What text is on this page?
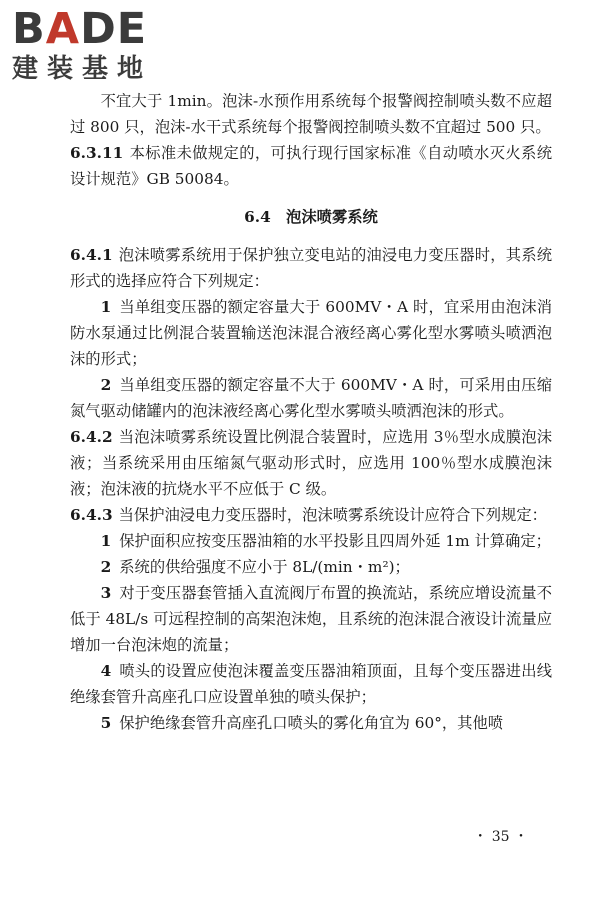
BADE
建装基地

不宜大于 1min。泡沫-水预作用系统每个报警阀控制喷头数不应超过 800 只，泡沫-水干式系统每个报警阀控制喷头数不宜超过 500 只。

6.3.11 本标准未做规定的，可执行现行国家标准《自动喷水灭火系统设计规范》GB 50084。

6.4　泡沫喷雾系统

6.4.1 泡沫喷雾系统用于保护独立变电站的油浸电力变压器时，其系统形式的选择应符合下列规定：

1 当单组变压器的额定容量大于 600MV・A 时，宜采用由泡沫消防水泵通过比例混合装置输送泡沫混合液经离心雾化型水雾喷头喷洒泡沫的形式；

2 当单组变压器的额定容量不大于 600MV・A 时，可采用由压缩氮气驱动储罐内的泡沫液经离心雾化型水雾喷头喷洒泡沫的形式。

6.4.2 当泡沫喷雾系统设置比例混合装置时，应选用 3％型水成膜泡沫液；当系统采用由压缩氮气驱动形式时，应选用 100％型水成膜泡沫液；泡沫液的抗烧水平不应低于 C 级。

6.4.3 当保护油浸电力变压器时，泡沫喷雾系统设计应符合下列规定：

1 保护面积应按变压器油箱的水平投影且四周外延 1m 计算确定；

2 系统的供给强度不应小于 8L/(min・m²)；

3 对于变压器套管插入直流阀厅布置的换流站，系统应增设流量不低于 48L/s 可远程控制的高架泡沫炮，且系统的泡沫混合液设计流量应增加一台泡沫炮的流量；

4 喷头的设置应使泡沫覆盖变压器油箱顶面，且每个变压器进出线绝缘套管升高座孔口应设置单独的喷头保护；

5 保护绝缘套管升高座孔口喷头的雾化角宜为 60°，其他喷

・ 35 ・
